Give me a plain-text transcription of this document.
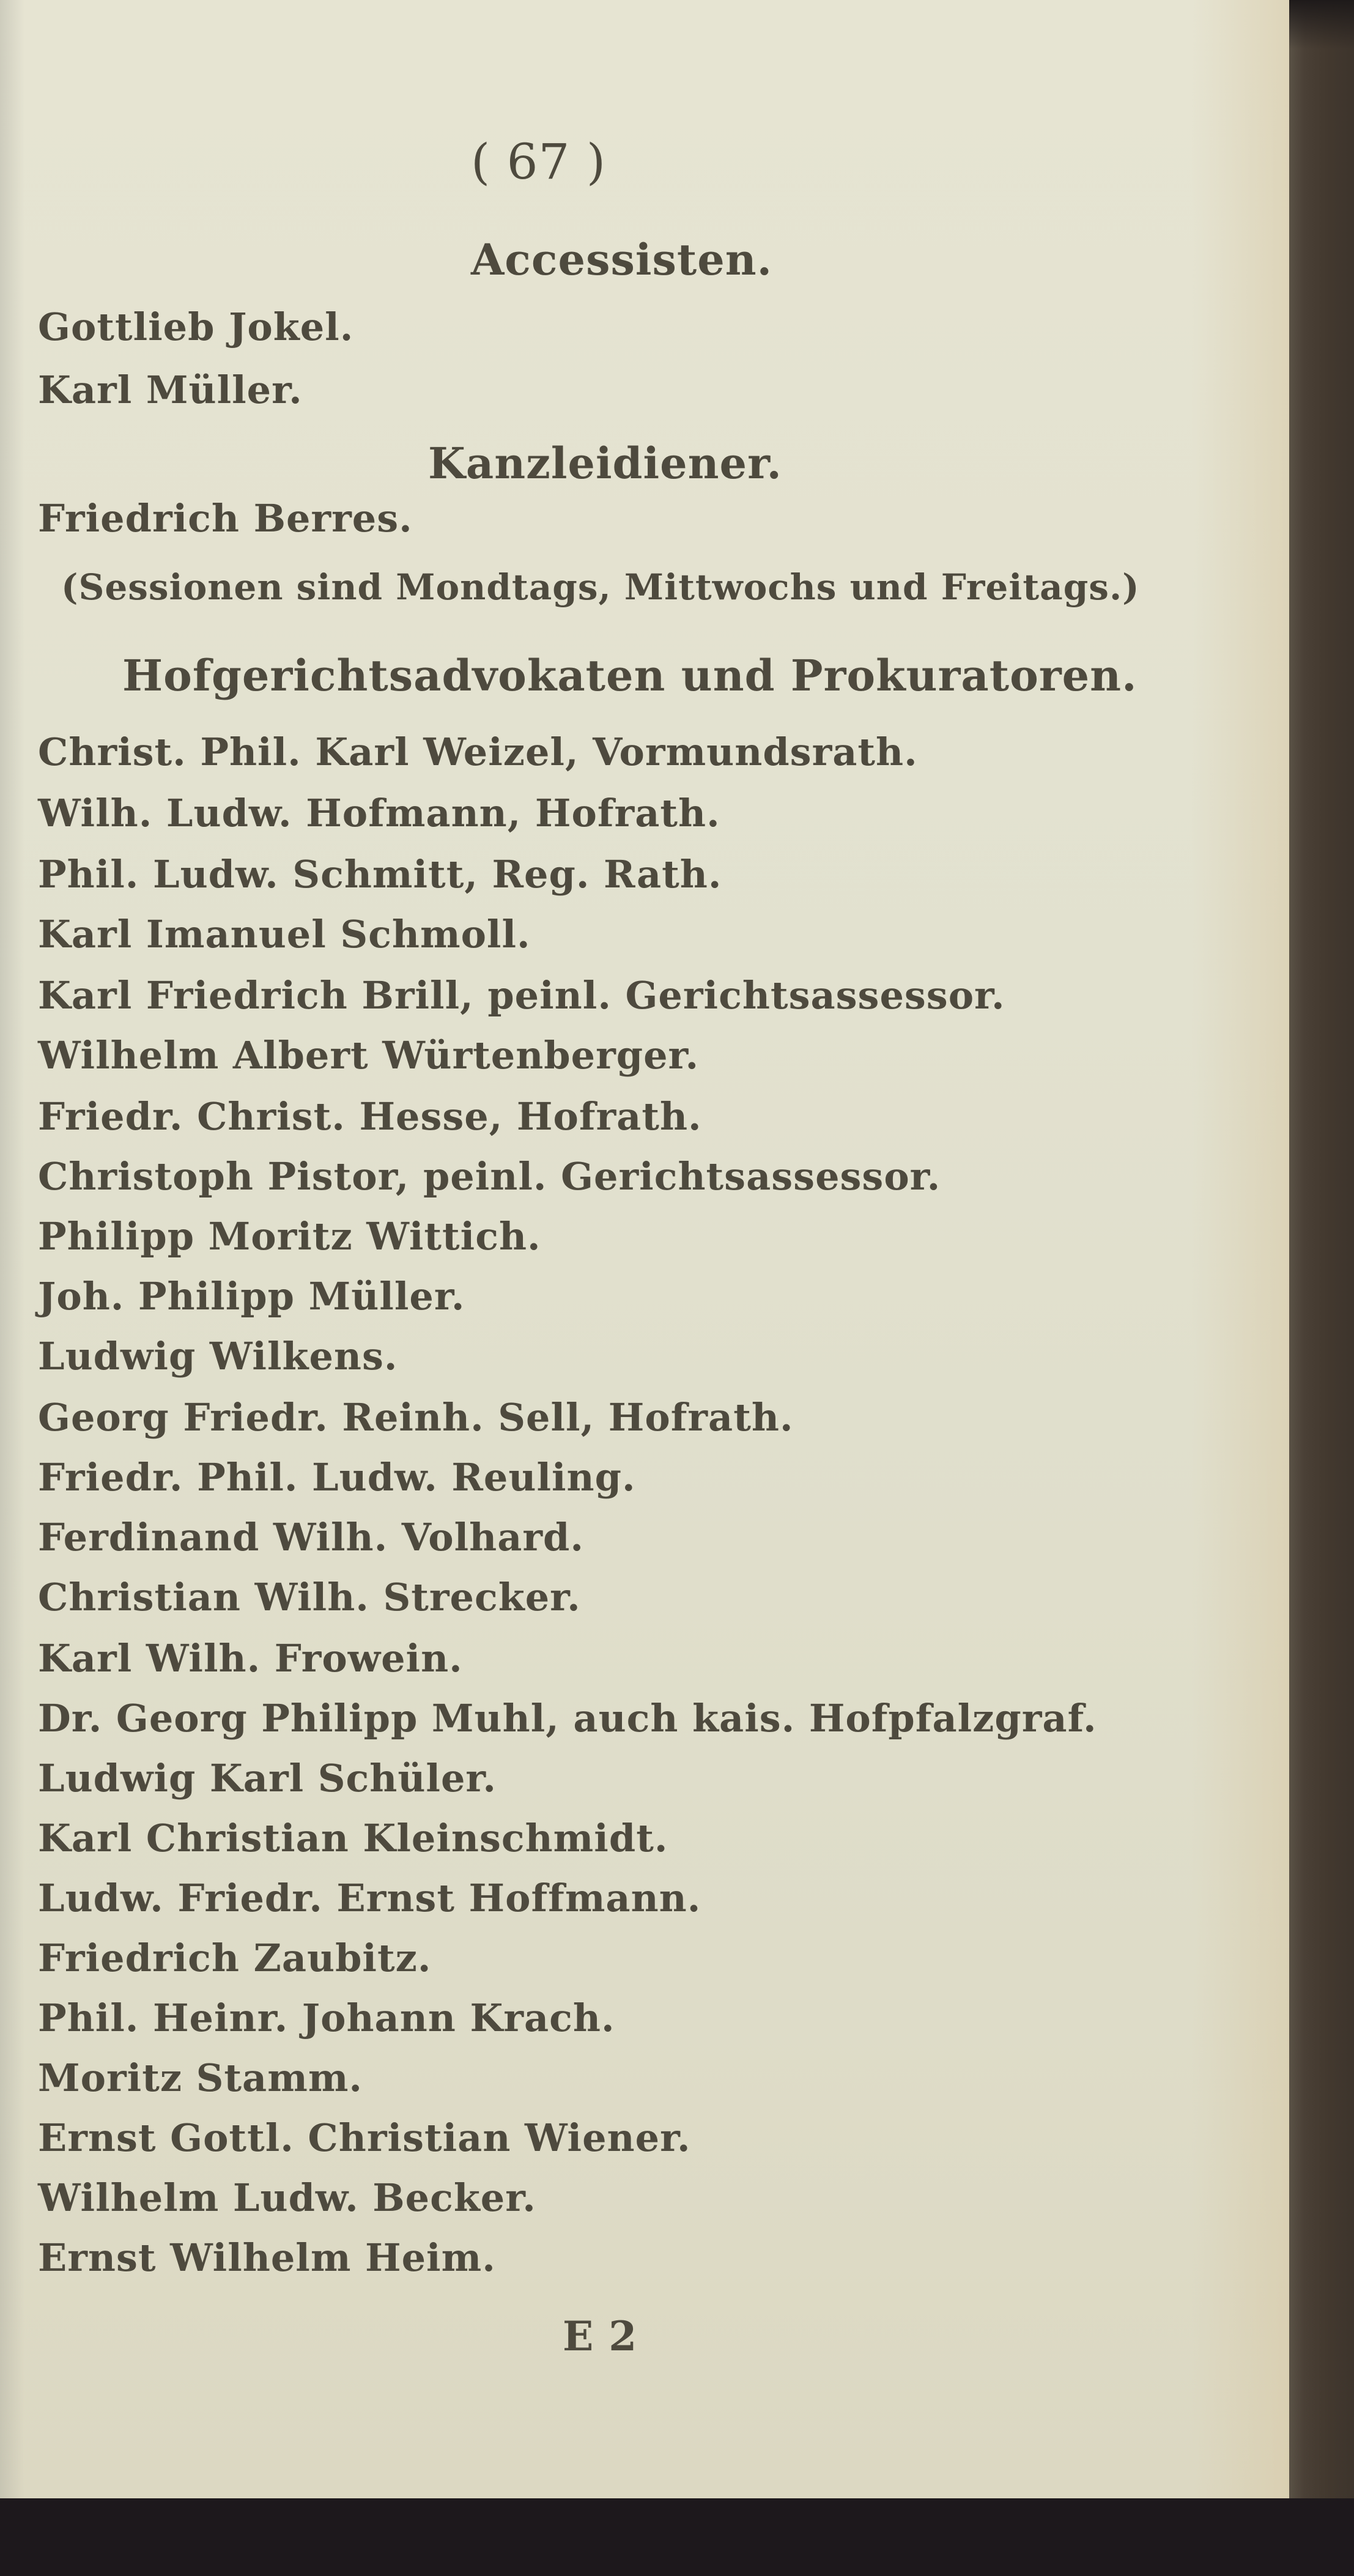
( 67 )
Accessisten.
Gottlieb Jokel.
Karl Müller.
Kanzleidiener.
Friedrich Berres.
(Sessionen sind Mondtags, Mittwochs und Freitags.)
Hofgerichtsadvokaten und Prokuratoren.
Christ. Phil. Karl Weizel, Vormundsrath.
Wilh. Ludw. Hofmann, Hofrath.
Phil. Ludw. Schmitt, Reg. Rath.
Karl Imanuel Schmoll.
Karl Friedrich Brill, peinl. Gerichtsassessor.
Wilhelm Albert Würtenberger.
Friedr. Christ. Hesse, Hofrath.
Christoph Pistor, peinl. Gerichtsassessor.
Philipp Moritz Wittich.
Joh. Philipp Müller.
Ludwig Wilkens.
Georg Friedr. Reinh. Sell, Hofrath.
Friedr. Phil. Ludw. Reuling.
Ferdinand Wilh. Volhard.
Christian Wilh. Strecker.
Karl Wilh. Frowein.
Dr. Georg Philipp Muhl, auch kais. Hofpfalzgraf.
Ludwig Karl Schüler.
Karl Christian Kleinschmidt.
Ludw. Friedr. Ernst Hoffmann.
Friedrich Zaubitz.
Phil. Heinr. Johann Krach.
Moritz Stamm.
Ernst Gottl. Christian Wiener.
Wilhelm Ludw. Becker.
Ernst Wilhelm Heim.
E 2
